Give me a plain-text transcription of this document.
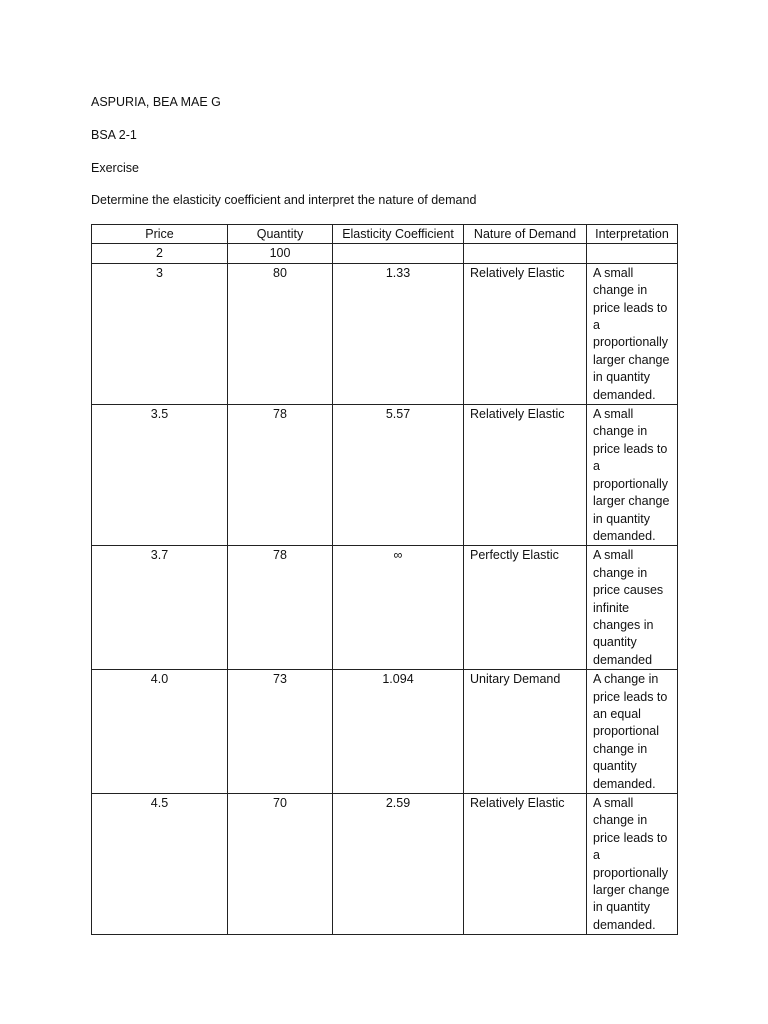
ASPURIA, BEA MAE G

BSA 2-1

Exercise

Determine the elasticity coefficient and interpret the nature of demand

Price	Quantity	Elasticity Coefficient	Nature of Demand	Interpretation
2	100			
3	80	1.33	Relatively Elastic	A small change in price leads to a proportionally larger change in quantity demanded.
3.5	78	5.57	Relatively Elastic	A small change in price leads to a proportionally larger change in quantity demanded.
3.7	78	∞	Perfectly Elastic	A small change in price causes infinite changes in quantity demanded
4.0	73	1.094	Unitary Demand	A change in price leads to an equal proportional change in quantity demanded.
4.5	70	2.59	Relatively Elastic	A small change in price leads to a proportionally larger change in quantity demanded.
